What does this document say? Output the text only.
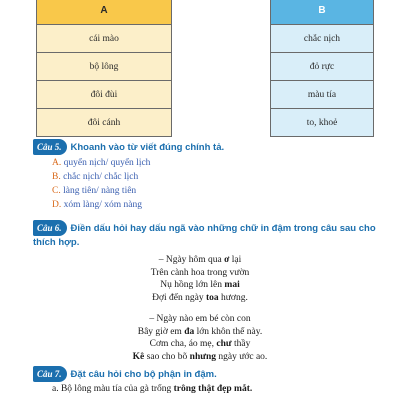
A
cái mào
bộ lông
đôi đùi
đôi cánh
B
chắc nịch
đỏ rực
màu tía
to, khoẻ
Câu 5. Khoanh vào từ viết đúng chính tả.
A. quyển nịch/ quyển lịch
B. chắc nịch/ chắc lịch
C. làng tiên/ nàng tiên
D. xóm làng/ xóm nàng
Câu 6. Điền dấu hỏi hay dấu ngã vào những chữ in đậm trong câu sau cho
thích hợp.
– Ngày hôm qua ơ lại
Trên cành hoa trong vườn
Nụ hồng lớn lên mai
Đợi đến ngày toa hương.
– Ngày nào em bé còn con
Bây giờ em đa lớn khôn thế này.
Cơm cha, áo mẹ, chư thầy
Kê sao cho bõ nhưng ngày ước ao.
Câu 7. Đặt câu hỏi cho bộ phận in đậm.
a. Bộ lông màu tía của gà trống trông thật đẹp mắt.
